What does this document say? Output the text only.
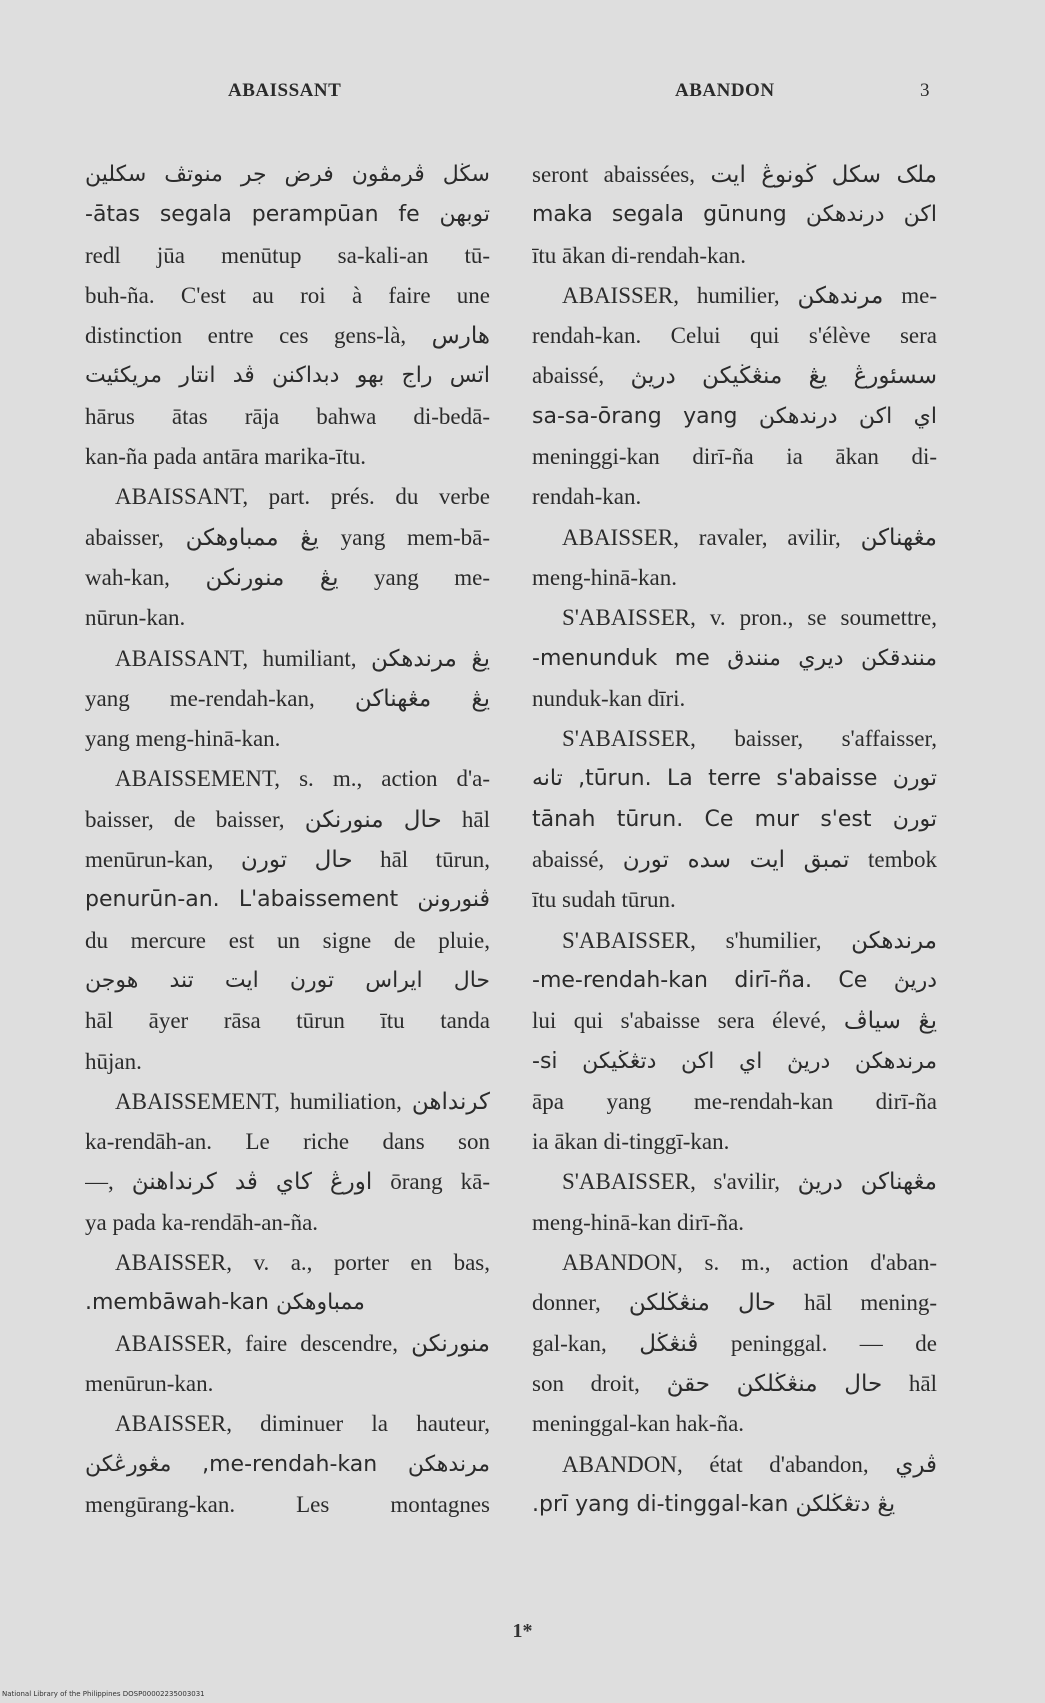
ABAISSANT	ABANDON	3
سڬل ڤرمڤون فرض جر منوتڤ سکلين
توبهن ātas segala perampūan fe-
redl jūa menūtup sa-kali-an tū-
buh-ña. C'est au roi à faire une
distinction entre ces gens-là, هارس
اتس راج بهو دبداکنن ڤد انتار مريکئيت
hārus ātas rāja bahwa di-bedā-
kan-ña pada antāra marika-ītu.
ABAISSANT, part. prés. du verbe
abaisser, يڠ ممباوهکن yang mem-bā-
wah-kan, يڠ منورنکن yang me-
nūrun-kan.
ABAISSANT, humiliant, يڠ مرندهکن
yang me-rendah-kan, يڠ مڠهناکن
yang meng-hinā-kan.
ABAISSEMENT, s. m., action d'a-
baisser, de baisser, حال منورنکن hāl
menūrun-kan, حال تورن hāl tūrun,
ڤنورونن penurūn-an. L'abaissement
du mercure est un signe de pluie,
حال ايراس تورن ايت تند هوجن
hāl āyer rāsa tūrun ītu tanda
hūjan.
ABAISSEMENT, humiliation, کرنداهن
ka-rendāh-an. Le riche dans son
—, اورڠ کاي ڤد کرنداهنڽ ōrang kā-
ya pada ka-rendāh-an-ña.
ABAISSER, v. a., porter en bas,
ممباوهکن membāwah-kan.
ABAISSER, faire descendre, منورنکن
menūrun-kan.
ABAISSER, diminuer la hauteur,
مرندهکن me-rendah-kan, مڠورڠکن
mengūrang-kan. Les montagnes
seront abaissées, ملک سکل ڬونوڠ ايت
اکن درندهکن maka segala gūnung
ītu ākan di-rendah-kan.
ABAISSER, humilier, مرندهکن me-
rendah-kan. Celui qui s'élève sera
abaissé, سسئورڠ يڠ منڠڬيکن دريڽ
اي اکن درندهکن sa-sa-ōrang yang
meninggi-kan dirī-ña ia ākan di-
rendah-kan.
ABAISSER, ravaler, avilir, مڠهناکن
meng-hinā-kan.
S'ABAISSER, v. pron., se soumettre,
منندقکن ديري منندق menunduk me-
nunduk-kan dīri.
S'ABAISSER, baisser, s'affaisser,
تورن tūrun. La terre s'abaisse, تانه
تورن tānah tūrun. Ce mur s'est
abaissé, تمبق ايت سده تورن tembok
ītu sudah tūrun.
S'ABAISSER, s'humilier, مرندهکن
دريڽ me-rendah-kan dirī-ña. Ce-
lui qui s'abaisse sera élevé, يڠ سياڤ
مرندهکن دريڽ اي اکن دتڠڬيکن si-
āpa yang me-rendah-kan dirī-ña
ia ākan di-tinggī-kan.
S'ABAISSER, s'avilir, مڠهناکن دريڽ
meng-hinā-kan dirī-ña.
ABANDON, s. m., action d'aban-
donner, حال منڠڬلکن hāl mening-
gal-kan, ڤنڠڬل peninggal. — de
son droit, حال منڠڬلکن حقڽ hāl
meninggal-kan hak-ña.
ABANDON, état d'abandon, ڤري
يڠ دتڠڬلکن prī yang di-tinggal-kan.
1*
National Library of the Philippines DOSP00002235003031
